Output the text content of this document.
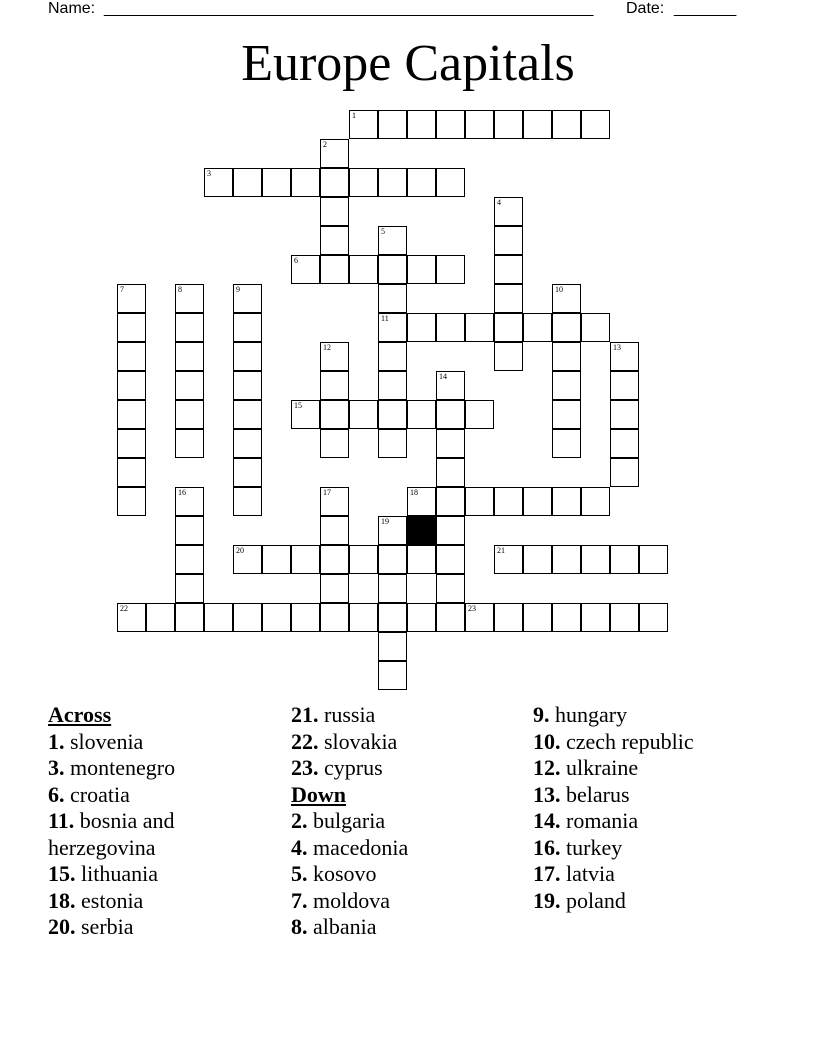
Name: _______________________________________________________ Date: _______
Europe Capitals
1
2
3
4
5
11
6
7	8	9	10
12	13
14
15
16	17	18
19
20	21
22	23
Across
1. slovenia
3. montenegro
6. croatia
11. bosnia and
herzegovina
15. lithuania
18. estonia
20. serbia
21. russia
22. slovakia
23. cyprus
Down
2. bulgaria
4. macedonia
5. kosovo
7. moldova
8. albania
9. hungary
10. czech republic
12. ulkraine
13. belarus
14. romania
16. turkey
17. latvia
19. poland
